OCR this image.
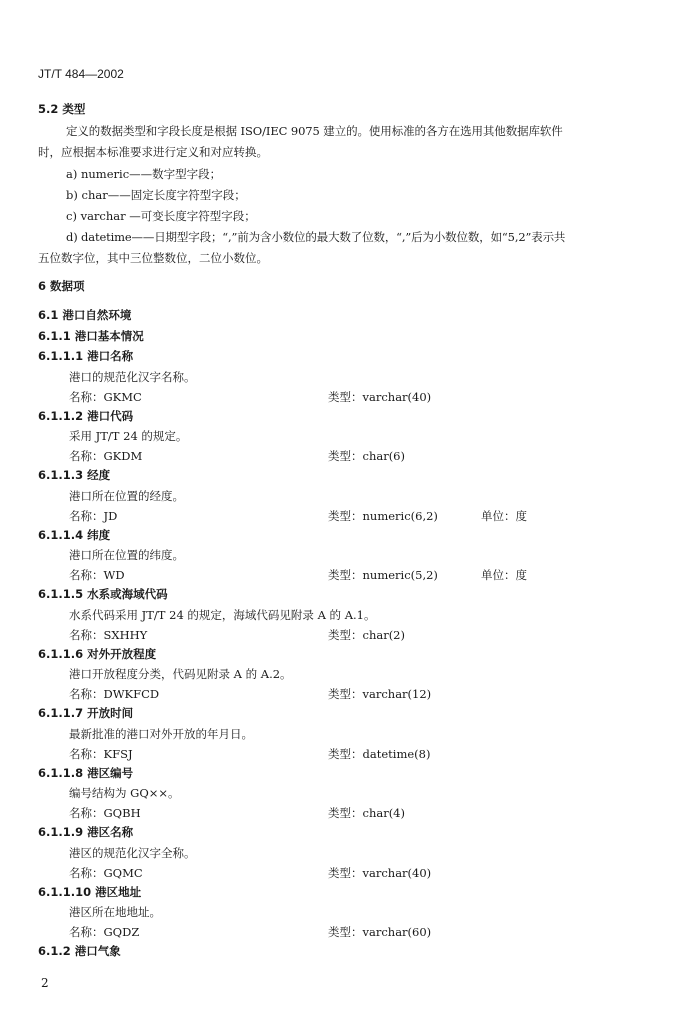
JT/T 484—2002
5.2 类型
定义的数据类型和字段长度是根据 ISO/IEC 9075 建立的。使用标准的各方在选用其他数据库软件
时，应根据本标准要求进行定义和对应转换。
a) numeric——数字型字段；
b) char——固定长度字符型字段；
c) varchar —可变长度字符型字段；
d) datetime——日期型字段；“,”前为含小数位的最大数了位数，“,”后为小数位数，如“5,2”表示共
五位数字位，其中三位整数位，二位小数位。
6 数据项
6.1 港口自然环境
6.1.1 港口基本情况
6.1.1.1 港口名称
港口的规范化汉字名称。
名称：GKMC	类型：varchar(40)
6.1.1.2 港口代码
采用 JT/T 24 的规定。
名称：GKDM	类型：char(6)
6.1.1.3 经度
港口所在位置的经度。
名称：JD	类型：numeric(6,2)	单位：度
6.1.1.4 纬度
港口所在位置的纬度。
名称：WD	类型：numeric(5,2)	单位：度
6.1.1.5 水系或海域代码
水系代码采用 JT/T 24 的规定，海域代码见附录 A 的 A.1。
名称：SXHHY	类型：char(2)
6.1.1.6 对外开放程度
港口开放程度分类，代码见附录 A 的 A.2。
名称：DWKFCD	类型：varchar(12)
6.1.1.7 开放时间
最新批准的港口对外开放的年月日。
名称：KFSJ	类型：datetime(8)
6.1.1.8 港区编号
编号结构为 GQ××。
名称：GQBH	类型：char(4)
6.1.1.9 港区名称
港区的规范化汉字全称。
名称：GQMC	类型：varchar(40)
6.1.1.10 港区地址
港区所在地地址。
名称：GQDZ	类型：varchar(60)
6.1.2 港口气象
2
